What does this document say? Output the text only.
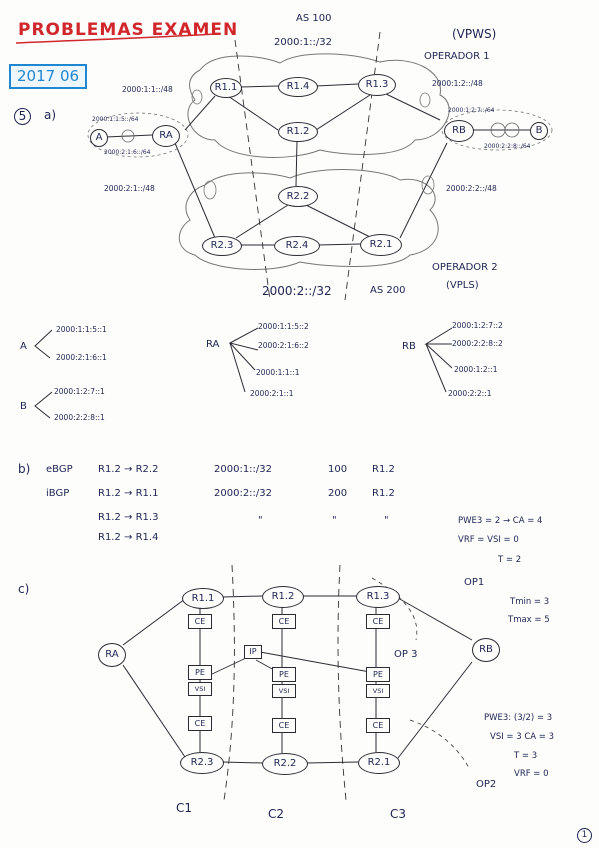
PROBLEMAS EXAMEN
2017 06
5	a)
AS 100
2000:1::/32
(VPWS)
OPERADOR 1
R1.1	R1.4	R1.3
R1.2
R2.2
R2.3	R2.4	R2.1
RA	RB
A
B
2000:1:1::/48
2000:1:2::/48
2000:1:1:5::/64
2000:2:1:6::/64
2000:1:2:7::/64
2000:2:2:8::/64
2000:2:1::/48	2000:2:2::/48
OPERADOR 2
(VPLS)
2000:2::/32	AS 200
A
2000:1:1:5::1
2000:2:1:6::1
B
2000:1:2:7::1
2000:2:2:8::1
RA
2000:1:1:5::2
2000:2:1:6::2
2000:1:1::1
2000:2:1::1
RB
2000:1:2:7::2
2000:2:2:8::2
2000:1:2::1
2000:2:2::1
b) eBGP	R1.2 → R2.2	2000:1::/32	100 R1.2
iBGP	R1.2 → R1.1	2000:2::/32	200 R1.2
R1.2 → R1.3	"	"	"
R1.2 → R1.4
c)
R1.1	R1.2	R1.3
RA	RB
R2.3	R2.2	R2.1
CE	CE	CE
CE	CE	CE
PE
VSI
PE
VSI
PE
VSI
IP	OP 3
PWE3 = 2 → CA = 4
VRF = VSI = 0
T = 2
OP1
Tmin = 3
Tmax = 5
PWE3: (3/2) = 3
VSI = 3 CA = 3
T = 3
VRF = 0
OP2
C1	C2	C3
1
